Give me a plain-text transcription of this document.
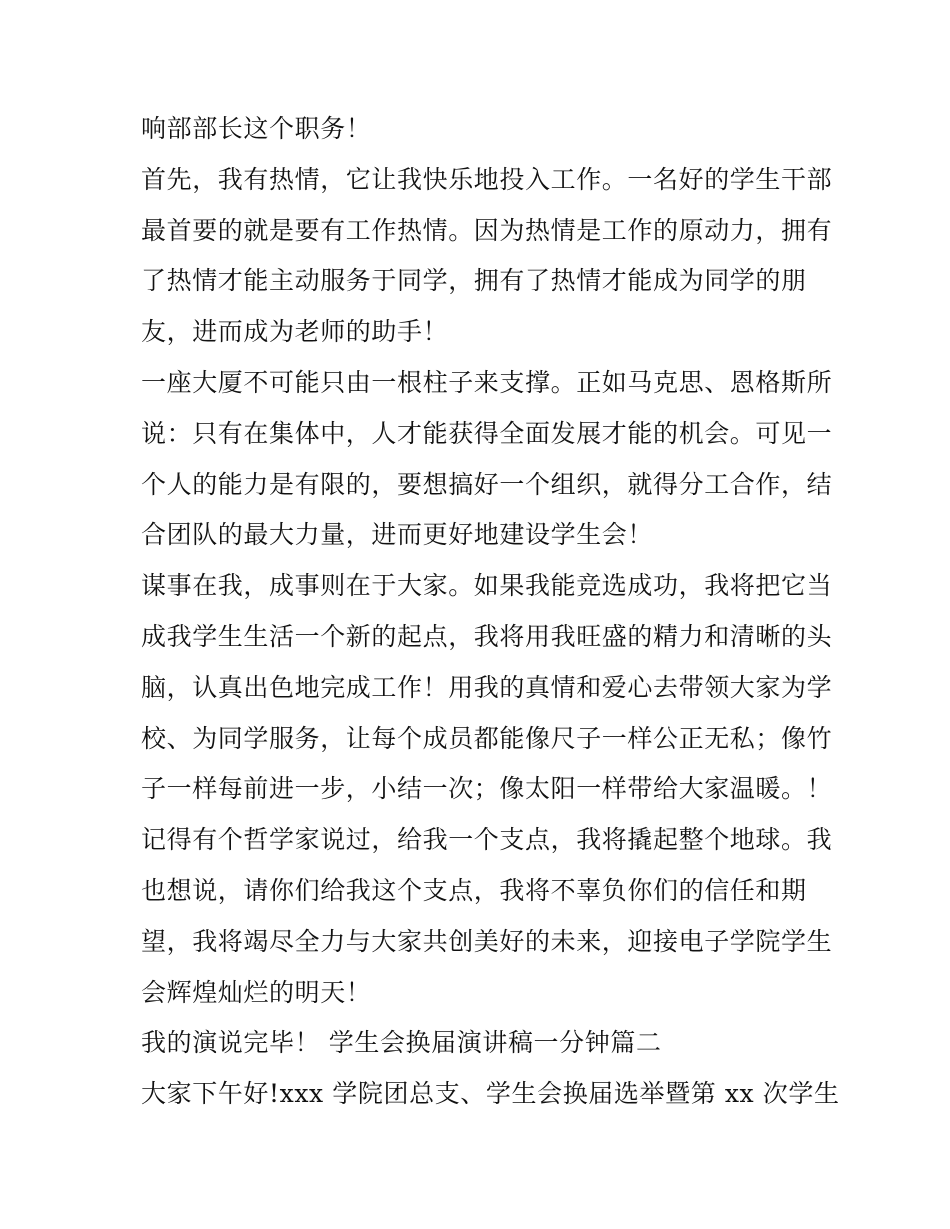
响部部长这个职务！
首先，我有热情，它让我快乐地投入工作。一名好的学生干部
最首要的就是要有工作热情。因为热情是工作的原动力，拥有
了热情才能主动服务于同学，拥有了热情才能成为同学的朋
友，进而成为老师的助手！
一座大厦不可能只由一根柱子来支撑。正如马克思、恩格斯所
说：只有在集体中，人才能获得全面发展才能的机会。可见一
个人的能力是有限的，要想搞好一个组织，就得分工合作，结
合团队的最大力量，进而更好地建设学生会！
谋事在我，成事则在于大家。如果我能竞选成功，我将把它当
成我学生生活一个新的起点，我将用我旺盛的精力和清晰的头
脑，认真出色地完成工作！用我的真情和爱心去带领大家为学
校、为同学服务，让每个成员都能像尺子一样公正无私；像竹
子一样每前进一步，小结一次；像太阳一样带给大家温暖。！
记得有个哲学家说过，给我一个支点，我将撬起整个地球。我
也想说，请你们给我这个支点，我将不辜负你们的信任和期
望，我将竭尽全力与大家共创美好的未来，迎接电子学院学生
会辉煌灿烂的明天！
我的演说完毕！ 学生会换届演讲稿一分钟篇二
大家下午好!xxx 学院团总支、学生会换届选举暨第 xx 次学生
